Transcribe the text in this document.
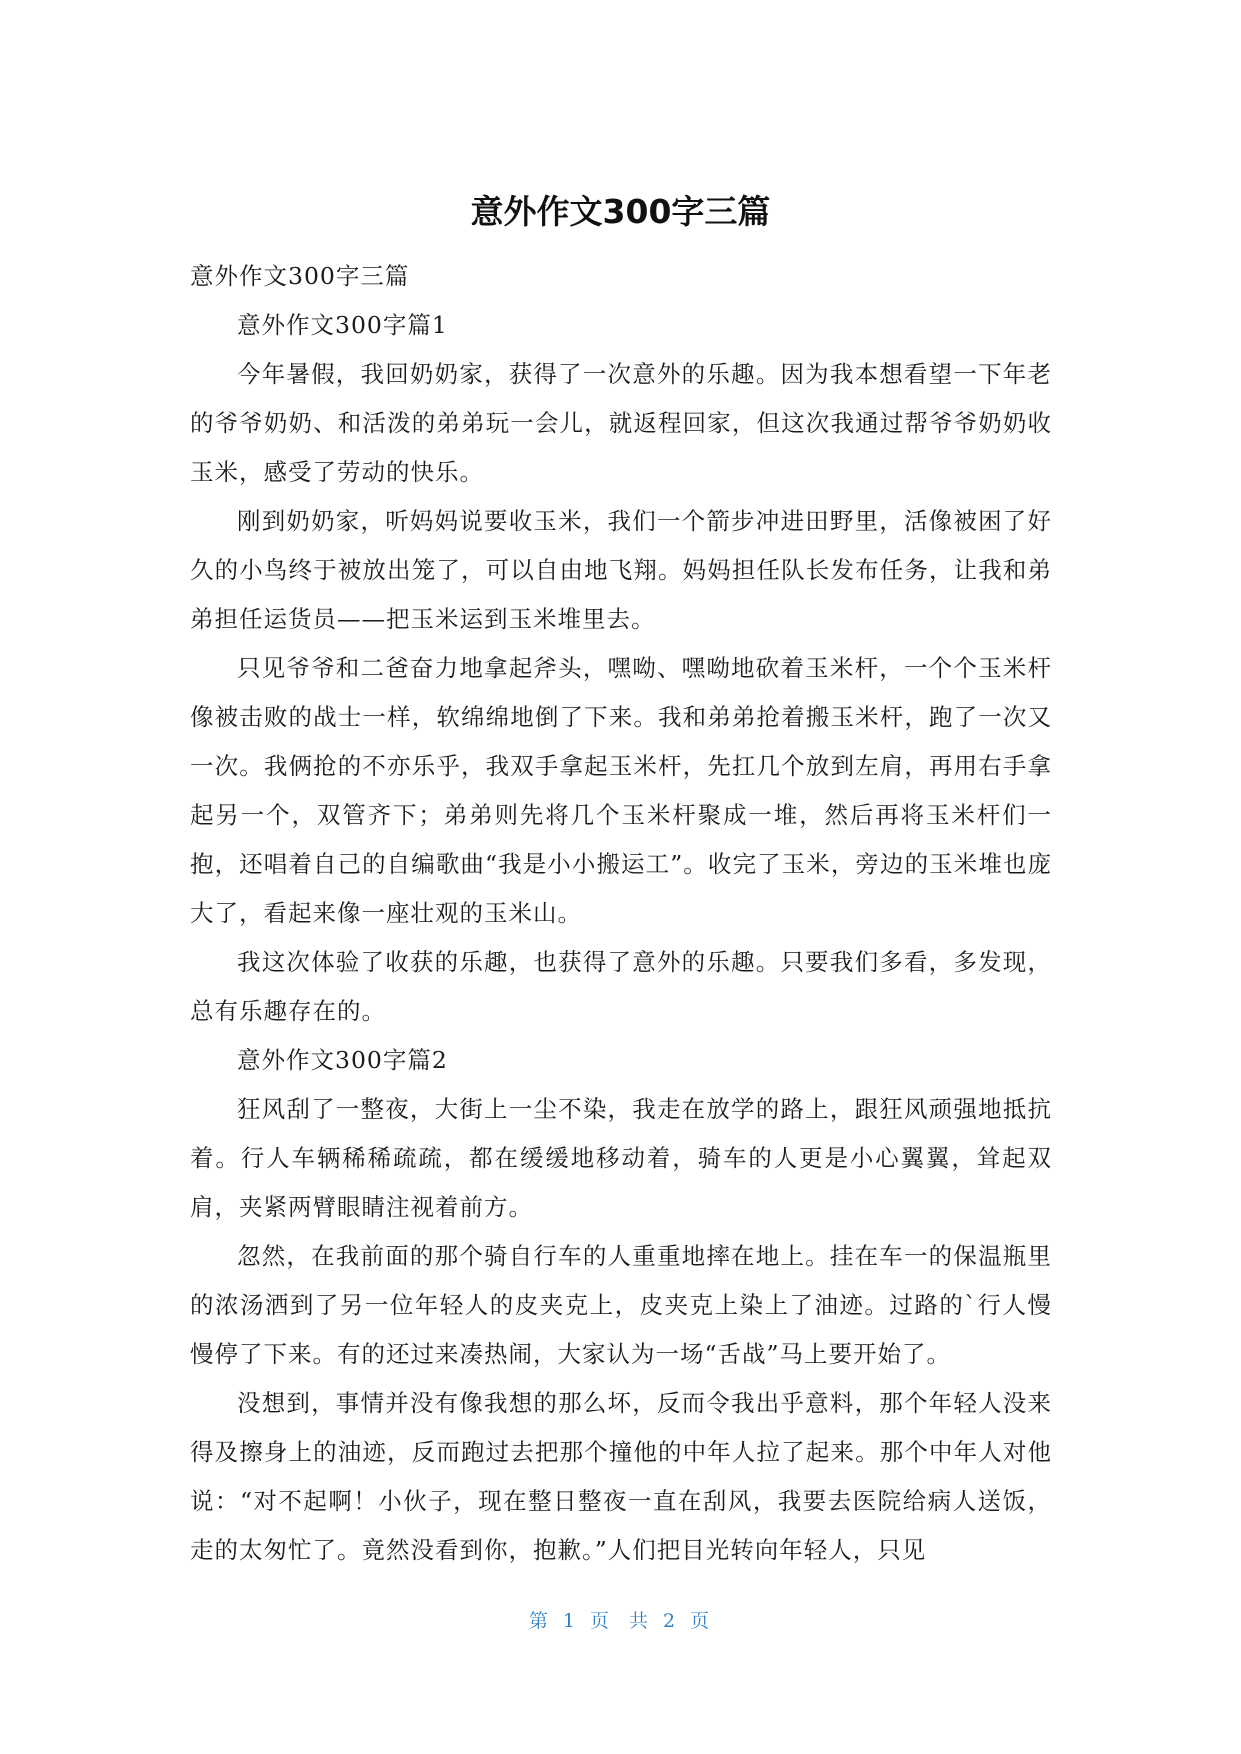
意外作文300字三篇

意外作文300字三篇

意外作文300字篇1

今年暑假，我回奶奶家，获得了一次意外的乐趣。因为我本想看望一下年老的爷爷奶奶、和活泼的弟弟玩一会儿，就返程回家，但这次我通过帮爷爷奶奶收玉米，感受了劳动的快乐。

刚到奶奶家，听妈妈说要收玉米，我们一个箭步冲进田野里，活像被困了好久的小鸟终于被放出笼了，可以自由地飞翔。妈妈担任队长发布任务，让我和弟弟担任运货员——把玉米运到玉米堆里去。

只见爷爷和二爸奋力地拿起斧头，嘿呦、嘿呦地砍着玉米杆，一个个玉米杆像被击败的战士一样，软绵绵地倒了下来。我和弟弟抢着搬玉米杆，跑了一次又一次。我俩抢的不亦乐乎，我双手拿起玉米杆，先扛几个放到左肩，再用右手拿起另一个，双管齐下；弟弟则先将几个玉米杆聚成一堆，然后再将玉米杆们一抱，还唱着自己的自编歌曲“我是小小搬运工”。收完了玉米，旁边的玉米堆也庞大了，看起来像一座壮观的玉米山。

我这次体验了收获的乐趣，也获得了意外的乐趣。只要我们多看，多发现，总有乐趣存在的。

意外作文300字篇2

狂风刮了一整夜，大街上一尘不染，我走在放学的路上，跟狂风顽强地抵抗着。行人车辆稀稀疏疏，都在缓缓地移动着，骑车的人更是小心翼翼，耸起双肩，夹紧两臂眼睛注视着前方。

忽然，在我前面的那个骑自行车的人重重地摔在地上。挂在车一的保温瓶里的浓汤洒到了另一位年轻人的皮夹克上，皮夹克上染上了油迹。过路的`行人慢慢停了下来。有的还过来凑热闹，大家认为一场“舌战”马上要开始了。

没想到，事情并没有像我想的那么坏，反而令我出乎意料，那个年轻人没来得及擦身上的油迹，反而跑过去把那个撞他的中年人拉了起来。那个中年人对他说：“对不起啊！小伙子，现在整日整夜一直在刮风，我要去医院给病人送饭，走的太匆忙了。竟然没看到你，抱歉。”人们把目光转向年轻人，只见

第 1 页 共 2 页
